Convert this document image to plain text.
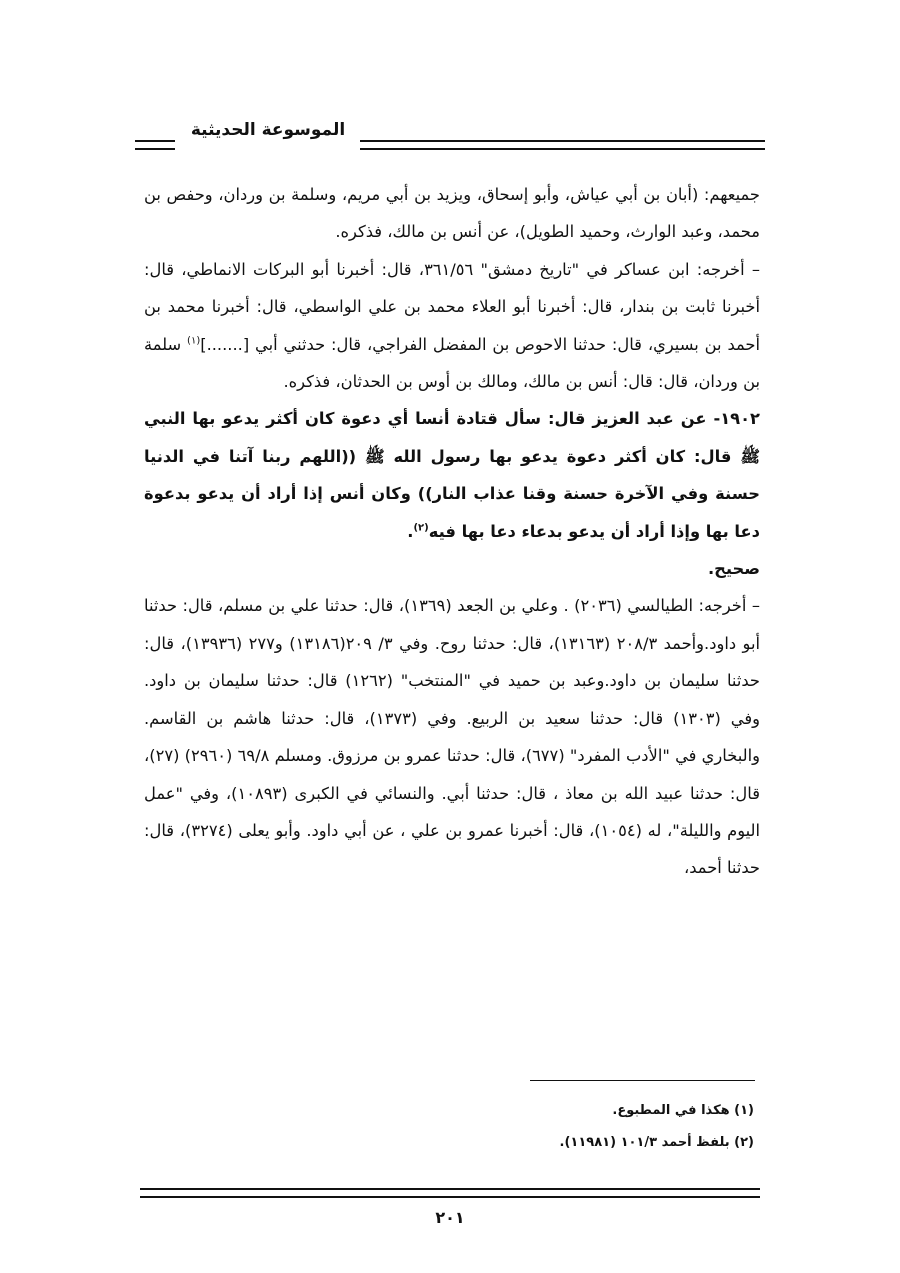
الموسوعة الحديثية

جميعهم: (أبان بن أبي عياش، وأبو إسحاق، ويزيد بن أبي مريم، وسلمة بن وردان، وحفص بن محمد، وعبد الوارث، وحميد الطويل)، عن أنس بن مالك، فذكره.

– أخرجه: ابن عساكر في "تاريخ دمشق" ٣٦١/٥٦، قال: أخبرنا أبو البركات الانماطي، قال: أخبرنا ثابت بن بندار، قال: أخبرنا أبو العلاء محمد بن علي الواسطي، قال: أخبرنا محمد بن أحمد بن بسيري، قال: حدثنا الاحوص بن المفضل الفراجي، قال: حدثني أبي [.......]$^{(١)}$ سلمة بن وردان، قال: قال: أنس بن مالك، ومالك بن أوس بن الحدثان، فذكره.

١٩٠٢- عن عبد العزيز قال: سأل قتادة أنسا أي دعوة كان أكثر يدعو بها النبي ﷺ قال: كان أكثر دعوة يدعو بها رسول الله ﷺ ((اللهم ربنا آتنا في الدنيا حسنة وفي الآخرة حسنة وقنا عذاب النار)) وكان أنس إذا أراد أن يدعو بدعوة دعا بها وإذا أراد أن يدعو بدعاء دعا بها فيه$^{(٢)}$.

صحيح.

– أخرجه: الطيالسي (٢٠٣٦) . وعلي بن الجعد (١٣٦٩)، قال: حدثنا علي بن مسلم، قال: حدثنا أبو داود.وأحمد ٢٠٨/٣ (١٣١٦٣)، قال: حدثنا روح. وفي ٣/ ٢٠٩(١٣١٨٦) و٢٧٧ (١٣٩٣٦)، قال: حدثنا سليمان بن داود.وعبد بن حميد في "المنتخب" (١٢٦٢) قال: حدثنا سليمان بن داود. وفي (١٣٠٣) قال: حدثنا سعيد بن الربيع. وفي (١٣٧٣)، قال: حدثنا هاشم بن القاسم. والبخاري في "الأدب المفرد" (٦٧٧)، قال: حدثنا عمرو بن مرزوق. ومسلم ٦٩/٨ (٢٩٦٠) (٢٧)، قال: حدثنا عبيد الله بن معاذ ، قال: حدثنا أبي. والنسائي في الكبرى (١٠٨٩٣)، وفي "عمل اليوم والليلة"، له (١٠٥٤)، قال: أخبرنا عمرو بن علي ، عن أبي داود. وأبو يعلى (٣٢٧٤)، قال: حدثنا أحمد،

(١) هكذا في المطبوع.
(٢) بلفظ أحمد ١٠١/٣ (١١٩٨١).
٢٠١
